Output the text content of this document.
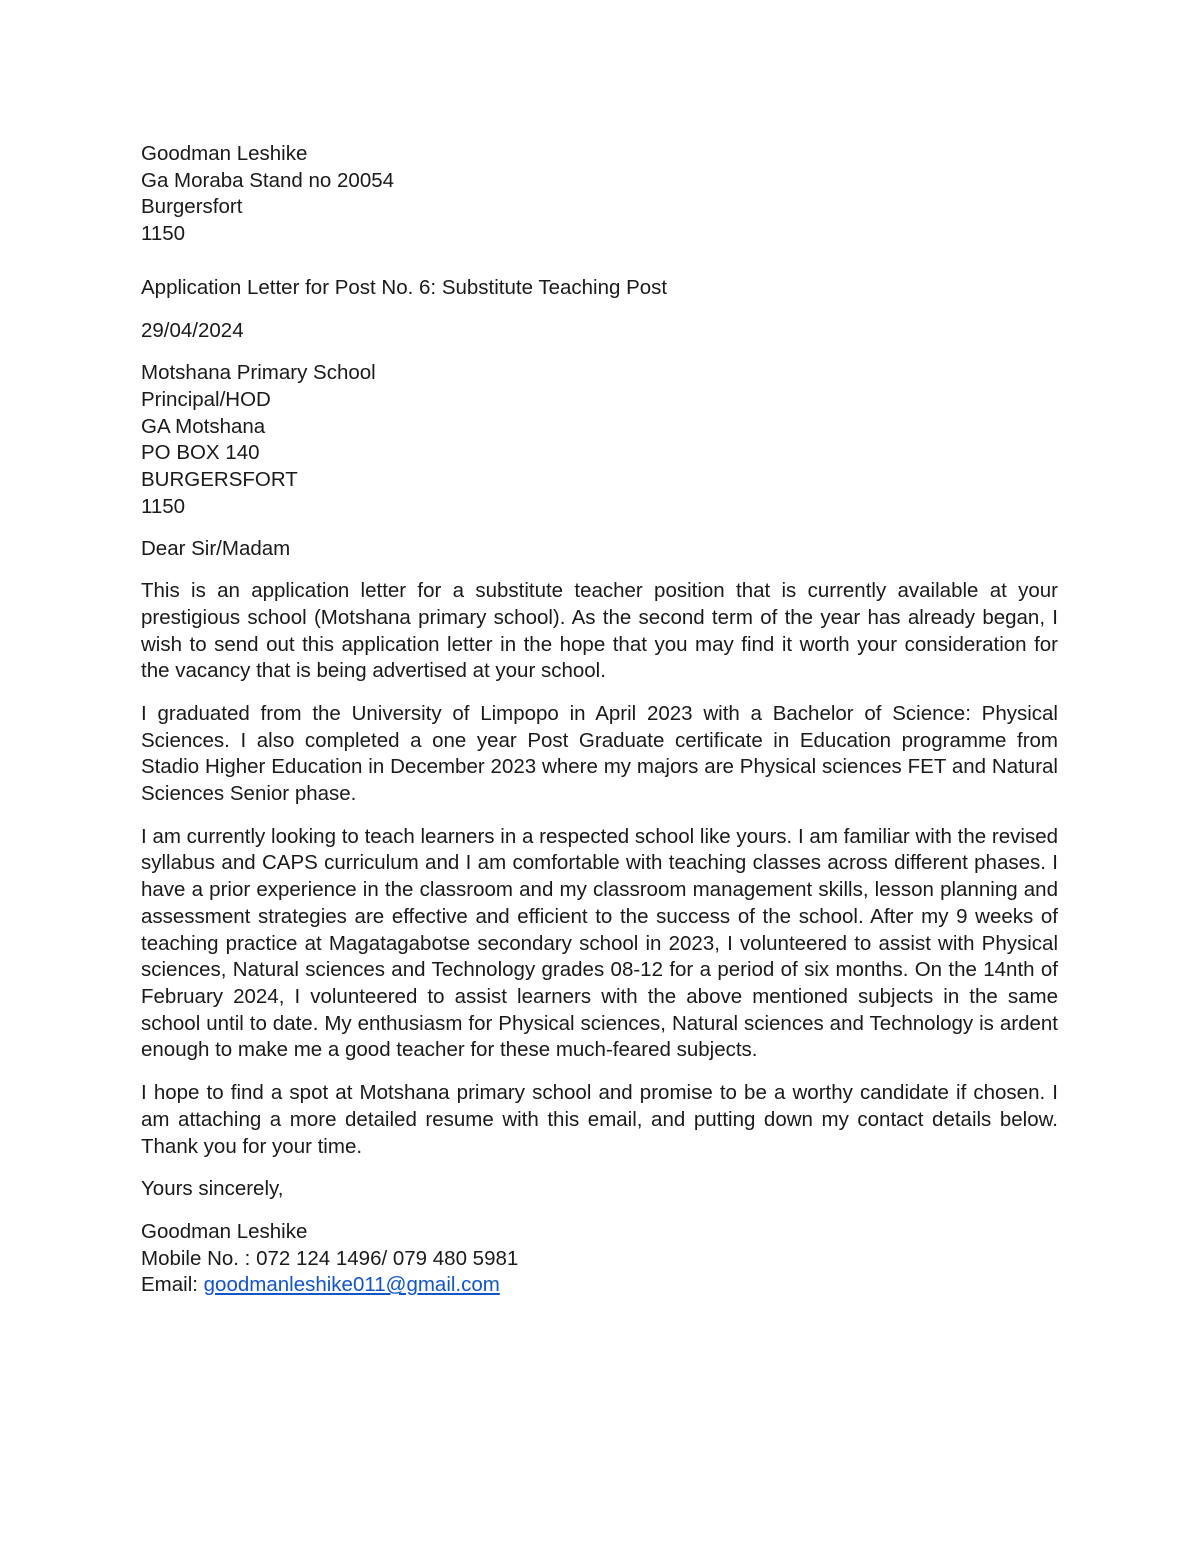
Goodman Leshike
Ga Moraba Stand no 20054
Burgersfort
1150
Application Letter for Post No. 6: Substitute Teaching Post
29/04/2024
Motshana Primary School
Principal/HOD
GA Motshana
PO BOX 140
BURGERSFORT
1150
Dear Sir/Madam

This is an application letter for a substitute teacher position that is currently available at your prestigious school (Motshana primary school). As the second term of the year has already began, I wish to send out this application letter in the hope that you may find it worth your consideration for the vacancy that is being advertised at your school.

I graduated from the University of Limpopo in April 2023 with a Bachelor of Science: Physical Sciences. I also completed a one year Post Graduate certificate in Education programme from Stadio Higher Education in December 2023 where my majors are Physical sciences FET and Natural Sciences Senior phase.

I am currently looking to teach learners in a respected school like yours. I am familiar with the revised syllabus and CAPS curriculum and I am comfortable with teaching classes across different phases. I have a prior experience in the classroom and my classroom management skills, lesson planning and assessment strategies are effective and efficient to the success of the school. After my 9 weeks of teaching practice at Magatagabotse secondary school in 2023, I volunteered to assist with Physical sciences, Natural sciences and Technology grades 08-12 for a period of six months. On the 14nth of February 2024, I volunteered to assist learners with the above mentioned subjects in the same school until to date. My enthusiasm for Physical sciences, Natural sciences and Technology is ardent enough to make me a good teacher for these much-feared subjects.

I hope to find a spot at Motshana primary school and promise to be a worthy candidate if chosen. I am attaching a more detailed resume with this email, and putting down my contact details below. Thank you for your time.

Yours sincerely,
Goodman Leshike
Mobile No. : 072 124 1496/ 079 480 5981
Email: goodmanleshike011@gmail.com
